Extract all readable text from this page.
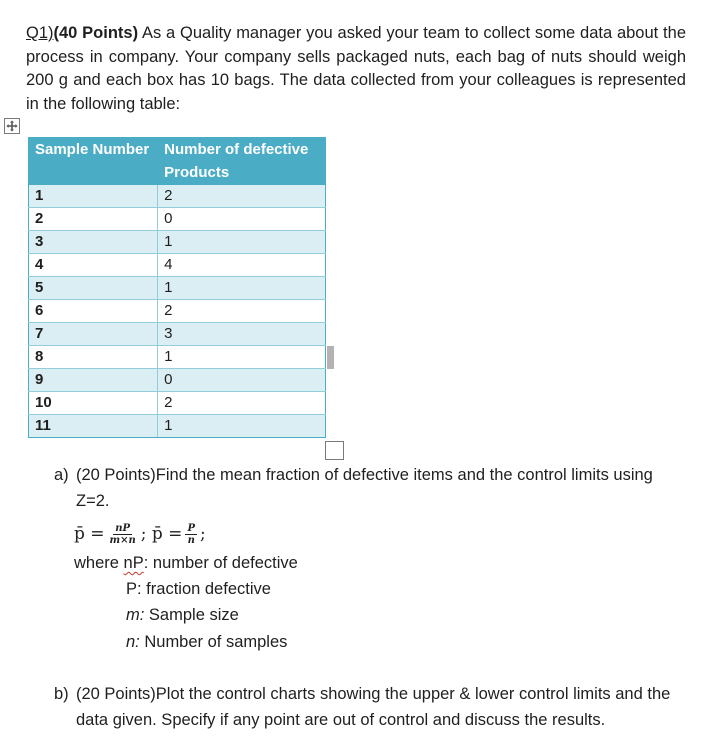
Q1)(40 Points) As a Quality manager you asked your team to collect some data about the process in company. Your company sells packaged nuts, each bag of nuts should weigh 200 g and each box has 10 bags. The data collected from your colleagues is represented in the following table:
Sample Number	Number of defective Products
1	2
2	0
3	1
4	4
5	1
6	2
7	3
8	1
9	0
10	2
11	1
a) (20 Points)Find the mean fraction of defective items and the control limits using Z=2.
p̄ = $\frac{nP}{m\times n}$ ; p̄ = $\frac{P}{n}$ ;
where nP: number of defective
P: fraction defective
m: Sample size
n: Number of samples
b) (20 Points)Plot the control charts showing the upper & lower control limits and the data given. Specify if any point are out of control and discuss the results.
